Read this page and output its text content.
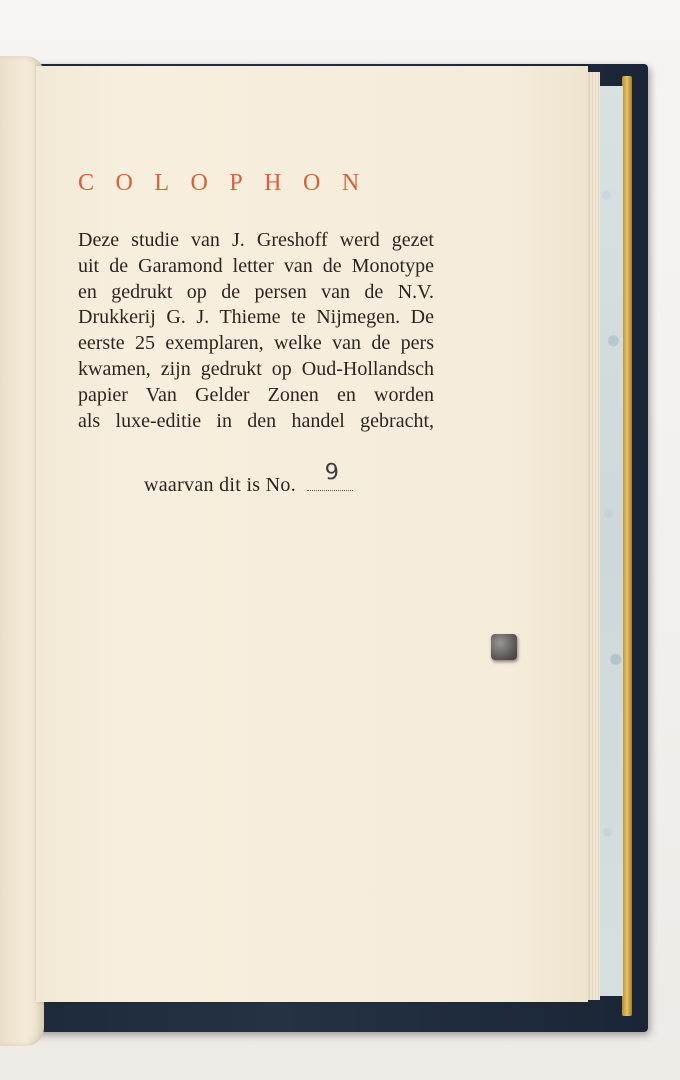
COLOPHON
Deze studie van J. Greshoff werd gezet
uit de Garamond letter van de Monotype
en gedrukt op de persen van de N.V.
Drukkerij G. J. Thieme te Nijmegen. De
eerste 25 exemplaren, welke van de pers
kwamen, zijn gedrukt op Oud-Hollandsch
papier Van Gelder Zonen en worden
als luxe-editie in den handel gebracht,
waarvan dit is No. 9
